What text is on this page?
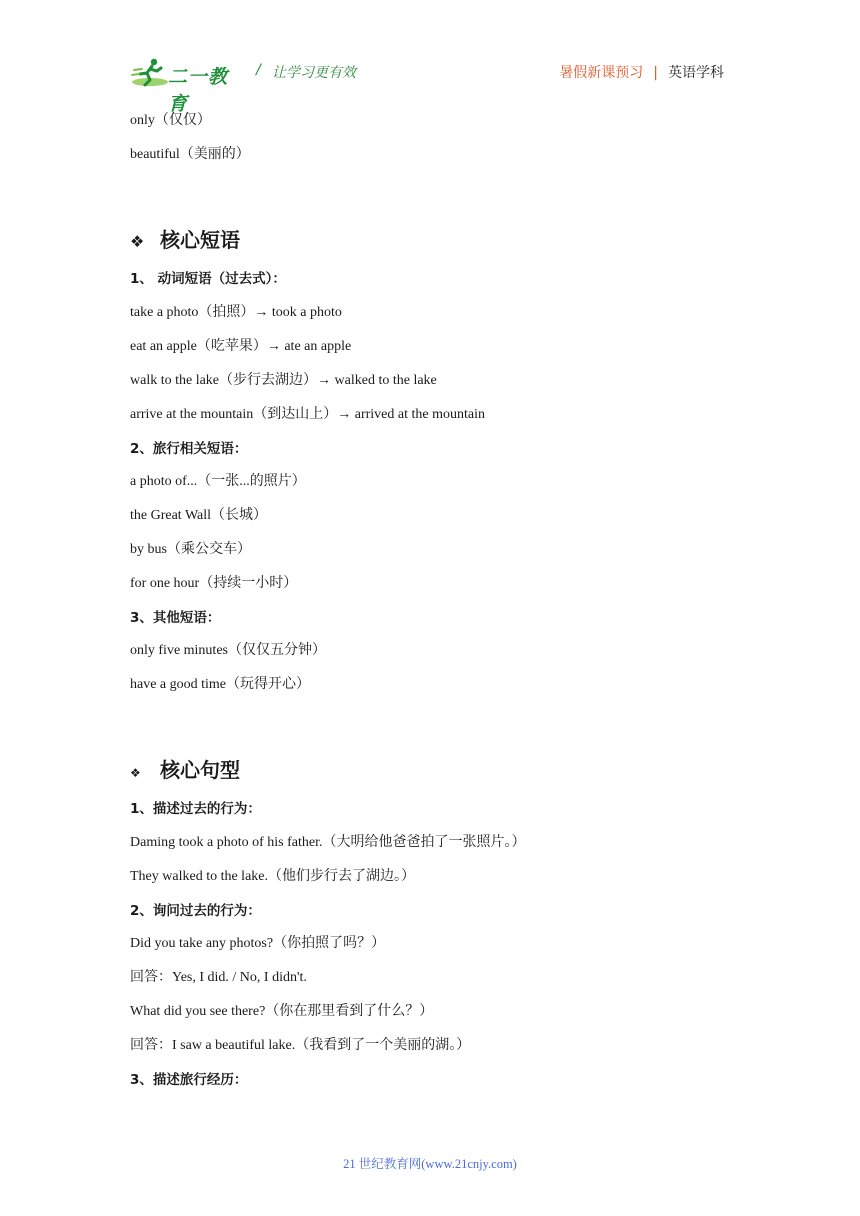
二一教育
/ 让学习更有效	暑假新课预习 | 英语学科
only（仅仅）
beautiful（美丽的）
❖ 核心短语
1、 动词短语（过去式）：
take a photo（拍照）→ took a photo
eat an apple（吃苹果）→ ate an apple
walk to the lake（步行去湖边）→ walked to the lake
arrive at the mountain（到达山上）→ arrived at the mountain
2、旅行相关短语：
a photo of...（一张...的照片）
the Great Wall（长城）
by bus（乘公交车）
for one hour（持续一小时）
3、其他短语：
only five minutes（仅仅五分钟）
have a good time（玩得开心）
❖ 核心句型
1、描述过去的行为：
Daming took a photo of his father.（大明给他爸爸拍了一张照片。）
They walked to the lake.（他们步行去了湖边。）
2、询问过去的行为：
Did you take any photos?（你拍照了吗？）
回答：Yes, I did. / No, I didn't.
What did you see there?（你在那里看到了什么？）
回答：I saw a beautiful lake.（我看到了一个美丽的湖。）
3、描述旅行经历：
21 世纪教育网(www.21cnjy.com)
